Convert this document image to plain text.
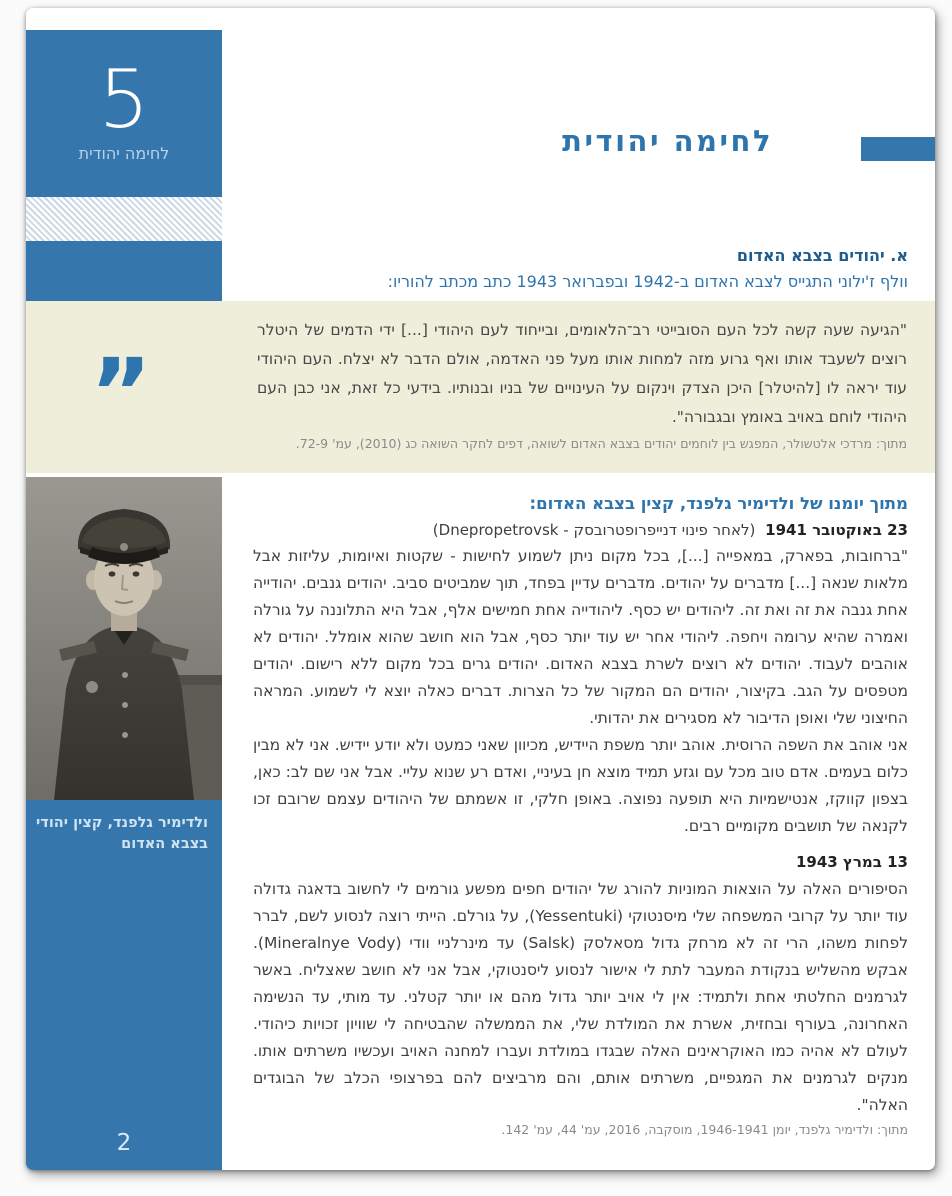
5
לחימה יהודית	לחימה יהודית
א. יהודים בצבא האדום
וולף ז'ילוני התגייס לצבא האדום ב-1942 ובפברואר 1943 כתב מכתב להוריו:
”
"הגיעה שעה קשה לכל העם הסובייטי רב־הלאומים, ובייחוד לעם היהודי [...] ידי הדמים של היטלר רוצים לשעבד אותו ואף גרוע מזה למחות אותו מעל פני האדמה, אולם הדבר לא יצלח. העם היהודי עוד יראה לו [להיטלר] היכן הצדק וינקום על העינויים של בניו ובנותיו. בידעי כל זאת, אני כבן העם היהודי לוחם באויב באומץ ובגבורה".
מתוך: מרדכי אלטשולר, המפגש בין לוחמים יהודים בצבא האדום לשואה, דפים לחקר השואה כג (2010), עמ' 72-9.
ולדימיר גלפנד, קצין יהודי
בצבא האדום
2
מתוך יומנו של ולדימיר גלפנד, קצין בצבא האדום:
23 באוקטובר 1941 (לאחר פינוי דנייפרופטרובסק - Dnepropetrovsk)

"ברחובות, בפארק, במאפייה [...], בכל מקום ניתן לשמוע לחישות - שקטות ואיומות, עליזות אבל מלאות שנאה [...] מדברים על יהודים. מדברים עדיין בפחד, תוך שמביטים סביב. יהודים גנבים. יהודייה אחת גנבה את זה ואת זה. ליהודים יש כסף. ליהודייה אחת חמישים אלף, אבל היא התלוננה על גורלה ואמרה שהיא ערומה ויחפה. ליהודי אחר יש עוד יותר כסף, אבל הוא חושב שהוא אומלל. יהודים לא אוהבים לעבוד. יהודים לא רוצים לשרת בצבא האדום. יהודים גרים בכל מקום ללא רישום. יהודים מטפסים על הגב. בקיצור, יהודים הם המקור של כל הצרות. דברים כאלה יוצא לי לשמוע. המראה החיצוני שלי ואופן הדיבור לא מסגירים את יהדותי.

אני אוהב את השפה הרוסית. אוהב יותר משפת היידיש, מכיוון שאני כמעט ולא יודע יידיש. אני לא מבין כלום בעמים. אדם טוב מכל עם וגזע תמיד מוצא חן בעיניי, ואדם רע שנוא עליי. אבל אני שם לב: כאן, בצפון קווקז, אנטישמיות היא תופעה נפוצה. באופן חלקי, זו אשמתם של היהודים עצמם שרובם זכו לקנאה של תושבים מקומיים רבים.

13 במרץ 1943

הסיפורים האלה על הוצאות המוניות להורג של יהודים חפים מפשע גורמים לי לחשוב בדאגה גדולה עוד יותר על קרובי המשפחה שלי מיסנטוקי (Yessentuki), על גורלם. הייתי רוצה לנסוע לשם, לברר לפחות משהו, הרי זה לא מרחק גדול מסאלסק (Salsk) עד מינרלניי וודי (Mineralnye Vody). אבקש מהשליש בנקודת המעבר לתת לי אישור לנסוע ליסנטוקי, אבל אני לא חושב שאצליח. באשר לגרמנים החלטתי אחת ולתמיד: אין לי אויב יותר גדול מהם או יותר קטלני. עד מותי, עד הנשימה האחרונה, בעורף ובחזית, אשרת את המולדת שלי, את הממשלה שהבטיחה לי שוויון זכויות כיהודי. לעולם לא אהיה כמו האוקראינים האלה שבגדו במולדת ועברו למחנה האויב ועכשיו משרתים אותו. מנקים לגרמנים את המגפיים, משרתים אותם, והם מרביצים להם בפרצופי הכלב של הבוגדים האלה".

מתוך: ולדימיר גלפנד, יומן 1946-1941, מוסקבה, 2016, עמ' 44, עמ' 142.
